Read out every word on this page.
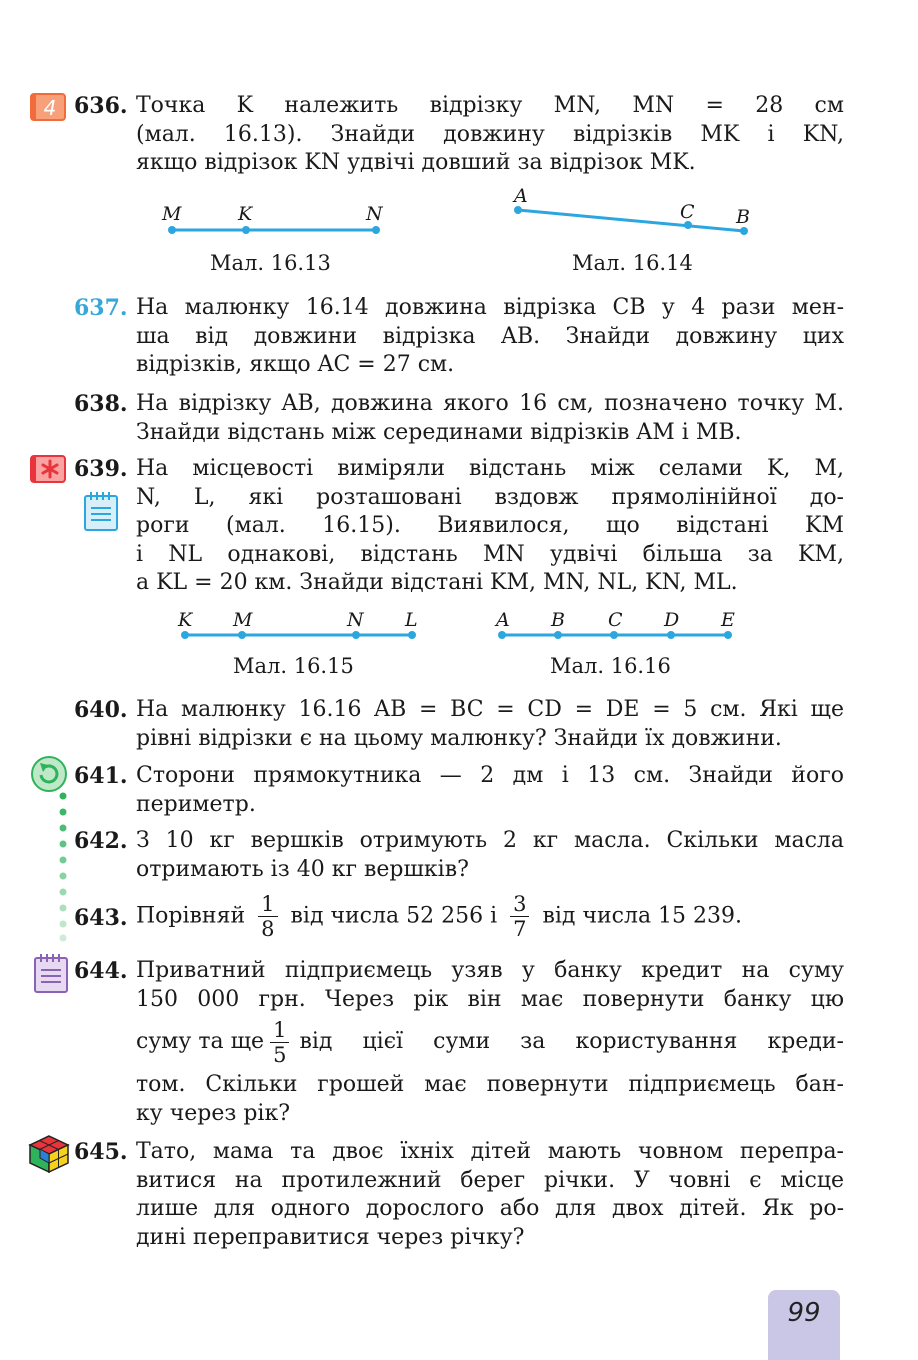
4 636. Точка K належить відрізку MN, MN = 28 см
(мал. 16.13). Знайди довжину відрізків MK і KN,
якщо відрізок KN удвічі довший за відрізок MK.
M	K	N
Мал. 16.13
A
C B
Мал. 16.14
637. На малюнку 16.14 довжина відрізка CB у 4 рази мен-
ша від довжини відрізка AB. Знайди довжину цих
відрізків, якщо AC = 27 см.
638. На відрізку AB, довжина якого 16 см, позначено точку M.
Знайди відстань між серединами відрізків AM і MB.
639. На місцевості виміряли відстань між селами K, M,
N, L, які розташовані вздовж прямолінійної до-
роги (мал. 16.15). Виявилося, що відстані KM
і NL однакові, відстань MN удвічі більша за KM,
а KL = 20 км. Знайди відстані KM, MN, NL, KN, ML.
K M	N L
Мал. 16.15
A B C D E
Мал. 16.16
640. На малюнку 16.16 AB = BC = CD = DE = 5 см. Які ще
рівні відрізки є на цьому малюнку? Знайди їх довжини.
641. Сторони прямокутника — 2 дм і 13 см. Знайди його
периметр.
642. З 10 кг вершків отримують 2 кг масла. Скільки масла
отримають із 40 кг вершків?
643. Порівняй $\frac{1}{8}$ від числа 52 256 і $\frac{3}{7}$ від числа 15 239.
644. Приватний підприємець узяв у банку кредит на суму
150 000 грн. Через рік він має повернути банку цю
суму та ще $\frac{1}{5}$ від цієї суми за користування креди-
том. Скільки грошей має повернути підприємець бан-
ку через рік?
645. Тато, мама та двоє їхніх дітей мають човном перепра-
витися на протилежний берег річки. У човні є місце
лише для одного дорослого або для двох дітей. Як ро-
дині переправитися через річку?
99
